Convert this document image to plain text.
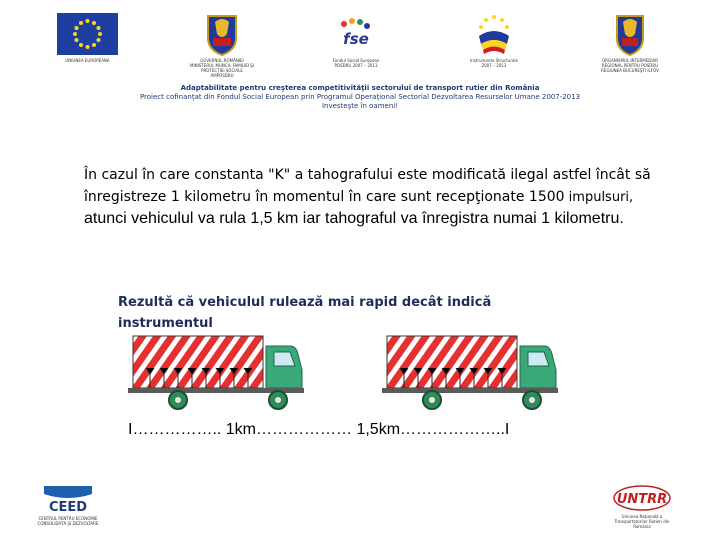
UNIUNEA EUROPEANA	GUVERNUL ROMÂNIEI MINISTERUL MUNCII, FAMILIEI ŞI PROTECŢIEI SOCIALE AMPOSDRU
fse
Fondul Social European POSDRU 2007 – 2013
Instrumente Structurale 2007 – 2013
ORGANISMUL INTERMEDIAR REGIONAL PENTRU POSDRU REGIUNEA BUCUREŞTI ILFOV
Adaptabilitate pentru creşterea competitivităţii sectorului de transport rutier din România
Proiect cofinanţat din Fondul Social European prin Programul Operaţional Sectorial Dezvoltarea Resurselor Umane 2007-2013
Investeşte în oameni!
În cazul în care constanta "K" a tahografului este modificată ilegal astfel încât să înregistreze 1 kilometru în momentul în care sunt recepţionate 1500 impulsuri, atunci vehiculul va rula 1,5 km iar tahograful va înregistra numai 1 kilometru.
Rezultă că vehiculul rulează mai rapid decât indică instrumentul
I…………….. 1km……………… 1,5km………………..I
CEED
CENTRUL PENTRU ECONOMIE CONSOLIDATĂ ŞI DEZVOLTARE
UNTRR
Uniunea Naţională a Transportatorilor Rutieri din România
